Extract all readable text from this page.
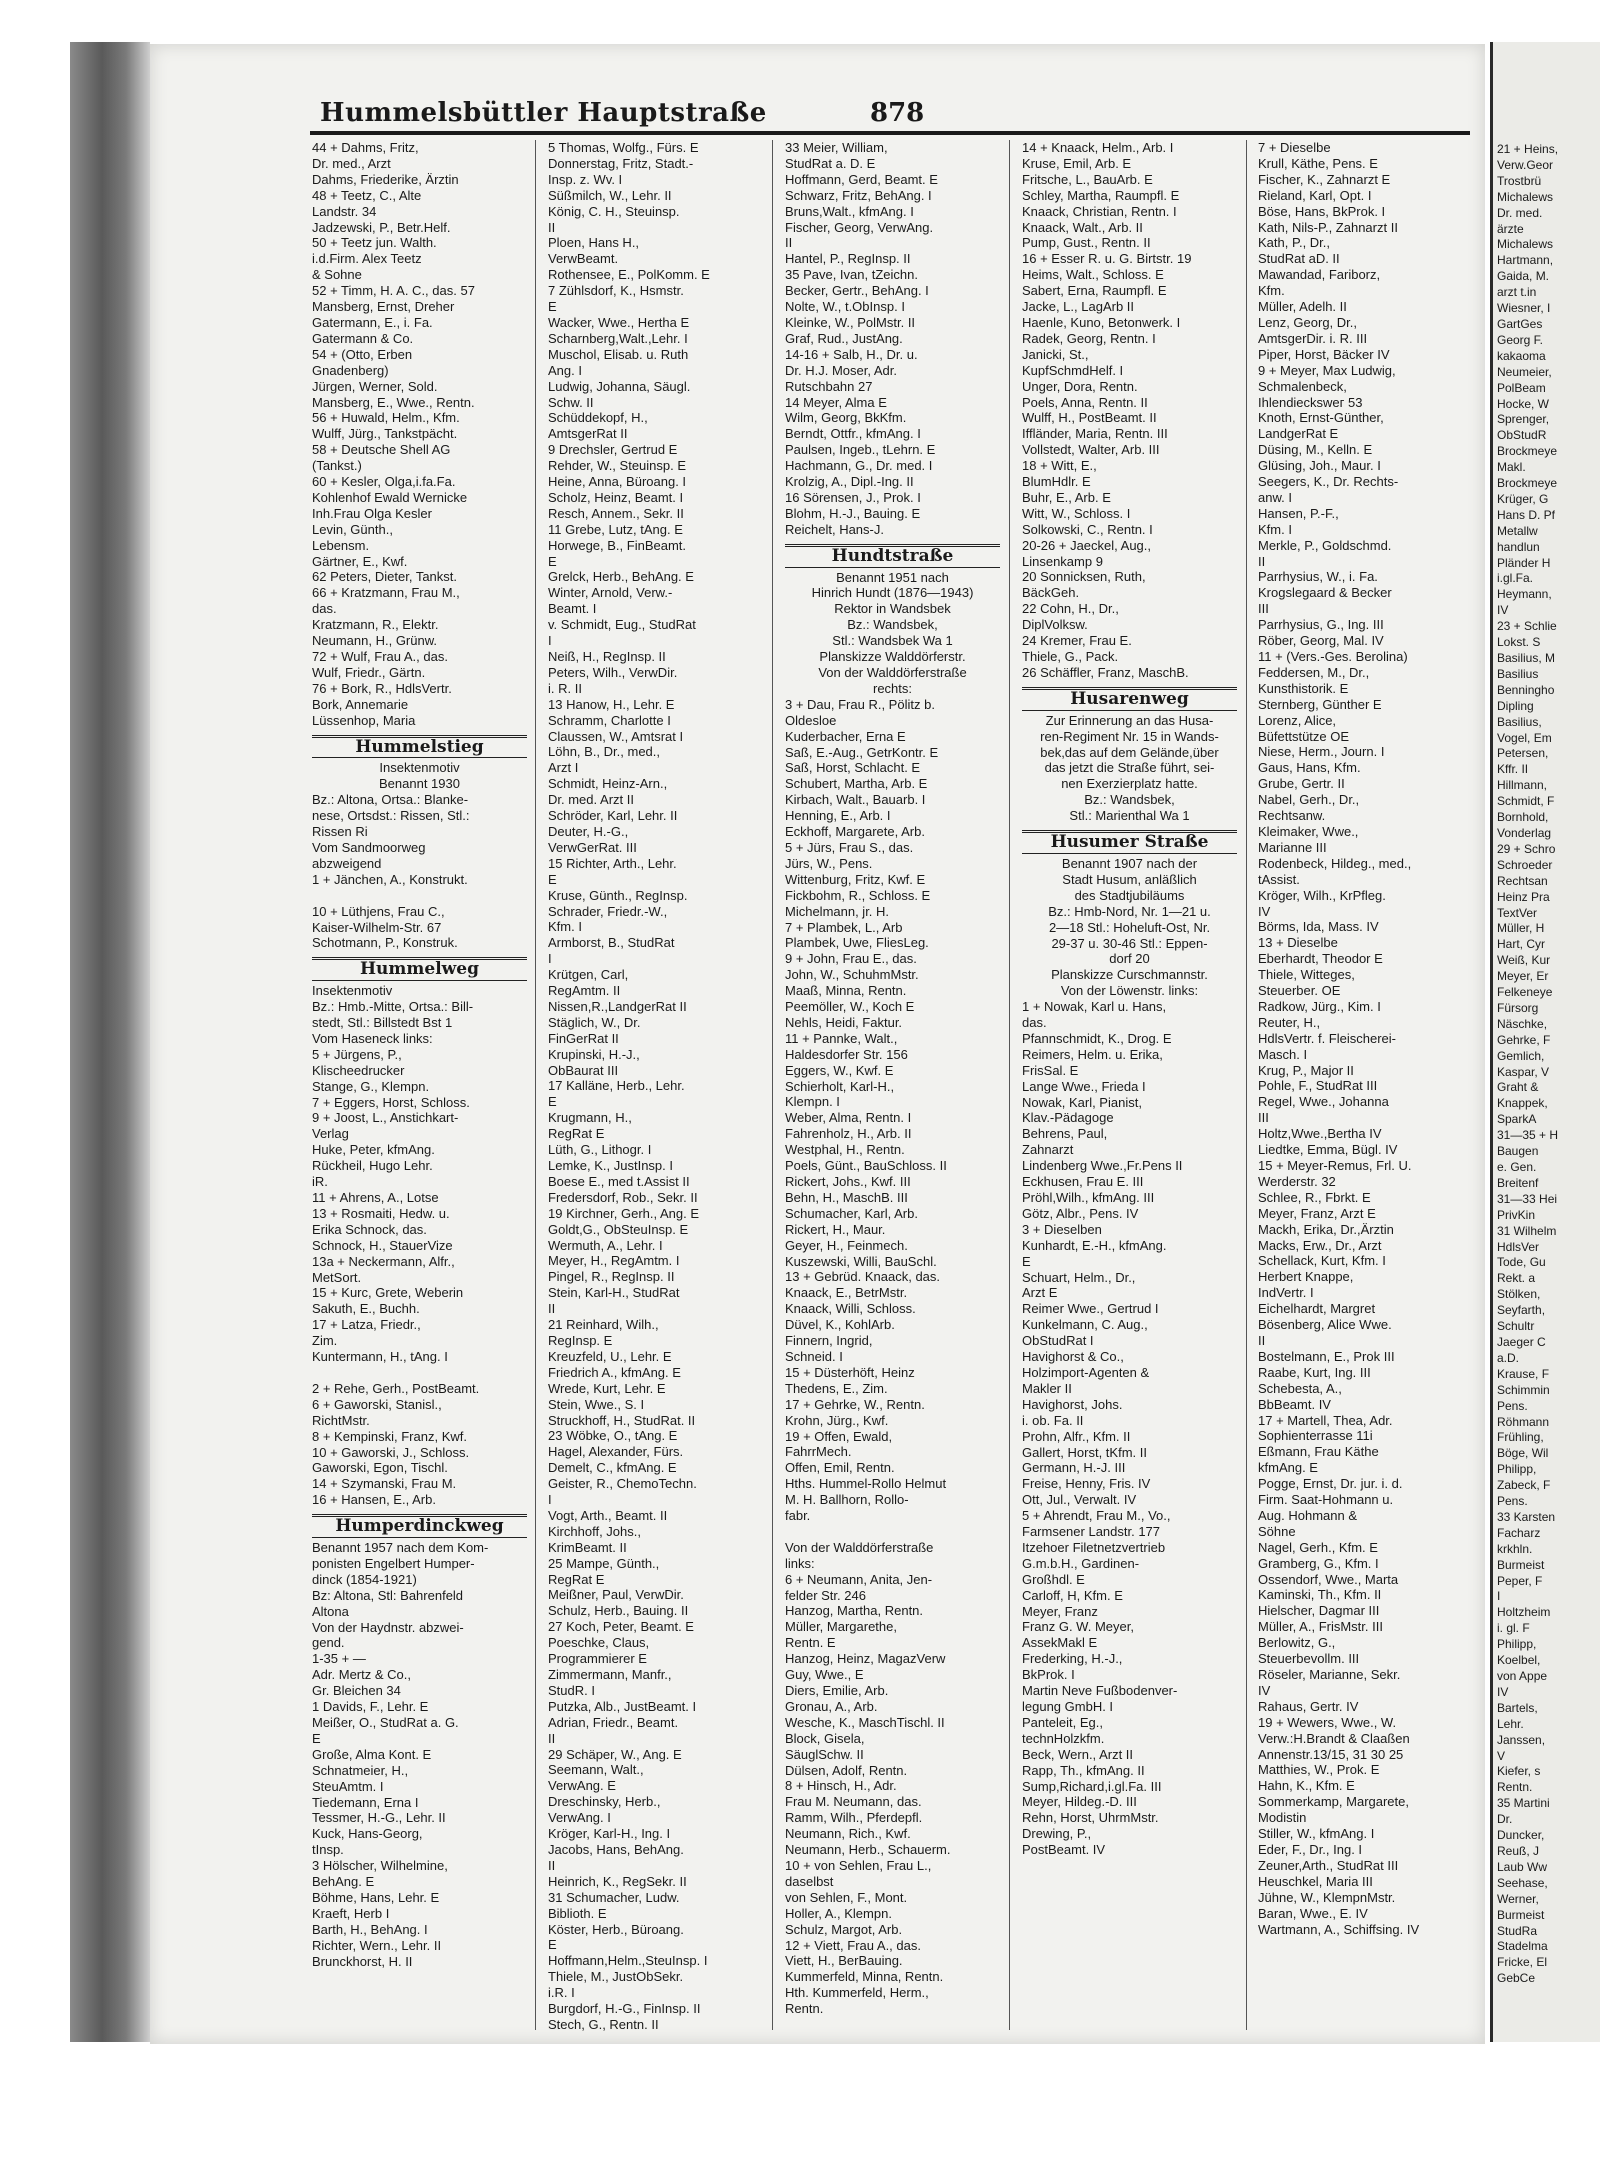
21 + Heins,
Verw.Geor
Trostbrü
Michalews
Dr. med.
ärzte
Michalews
Hartmann,
Gaida, M.
arzt t.in
Wiesner, I
GartGes
Georg F.
kakaoma
Neumeier,
PolBeam
Hocke, W
Sprenger,
ObStudR
Brockmeye
Makl.
Brockmeye
Krüger, G
Hans D. Pf
Metallw
handlun
Pländer H
i.gl.Fa.
Heymann,
IV
23 + Schlie
Lokst. S
Basilius, M
Basilius
Benningho
Dipling
Basilius,
Vogel, Em
Petersen,
Kffr. II
Hillmann,
Schmidt, F
Bornhold,
Vonderlag
29 + Schro
Schroeder
Rechtsan
Heinz Pra
TextVer
Müller, H
Hart, Cyr
Weiß, Kur
Meyer, Er
Felkeneye
Fürsorg
Näschke,
Gehrke, F
Gemlich,
Kaspar, V
Graht &
Knappek,
SparkA
31—35 + H
Baugen
e. Gen.
Breitenf
31—33 Hei
PrivKin
31 Wilhelm
HdlsVer
Tode, Gu
Rekt. a
Stölken,
Seyfarth,
Schultr
Jaeger C
a.D.
Krause, F
Schimmin
Pens.
Röhmann
Frühling,
Böge, Wil
Philipp,
Zabeck, F
Pens.
33 Karsten
Facharz
krkhln.
Burmeist
Peper, F
I
Holtzheim
i. gl. F
Philipp,
Koelbel,
von Appe
IV
Bartels,
Lehr.
Janssen,
V
Kiefer, s
Rentn.
35 Martini
Dr.
Duncker,
Reuß, J
Laub Ww
Seehase,
Werner,
Burmeist
StudRa
Stadelma
Fricke, El
GebCe
Hummelsbüttler Hauptstraße	878
44 + Dahms, Fritz,
Dr. med., Arzt
Dahms, Friederike, Ärztin
48 + Teetz, C., Alte
Landstr. 34
Jadzewski, P., Betr.Helf.
50 + Teetz jun. Walth.
i.d.Firm. Alex Teetz
& Sohne
52 + Timm, H. A. C., das. 57
Mansberg, Ernst, Dreher
Gatermann, E., i. Fa.
Gatermann & Co.
54 + (Otto, Erben
Gnadenberg)
Jürgen, Werner, Sold.
Mansberg, E., Wwe., Rentn.
56 + Huwald, Helm., Kfm.
Wulff, Jürg., Tankstpächt.
58 + Deutsche Shell AG
(Tankst.)
60 + Kesler, Olga,i.fa.Fa.
Kohlenhof Ewald Wernicke
Inh.Frau Olga Kesler
Levin, Günth.,
Lebensm.
Gärtner, E., Kwf.
62 Peters, Dieter, Tankst.
66 + Kratzmann, Frau M.,
das.
Kratzmann, R., Elektr.
Neumann, H., Grünw.
72 + Wulf, Frau A., das.
Wulf, Friedr., Gärtn.
76 + Bork, R., HdlsVertr.
Bork, Annemarie
Lüssenhop, Maria
Hummelstieg
Insektenmotiv
Benannt 1930
Bz.: Altona, Ortsa.: Blanke-
nese, Ortsdst.: Rissen, Stl.:
Rissen Ri
Vom Sandmoorweg
abzweigend
1 + Jänchen, A., Konstrukt.

10 + Lüthjens, Frau C.,
Kaiser-Wilhelm-Str. 67
Schotmann, P., Konstruk.
Hummelweg
Insektenmotiv
Bz.: Hmb.-Mitte, Ortsa.: Bill-
stedt, Stl.: Billstedt Bst 1
Vom Haseneck links:
5 + Jürgens, P.,
Klischeedrucker
Stange, G., Klempn.
7 + Eggers, Horst, Schloss.
9 + Joost, L., Anstichkart-
Verlag
Huke, Peter, kfmAng.
Rückheil, Hugo Lehr.
iR.
11 + Ahrens, A., Lotse
13 + Rosmaiti, Hedw. u.
Erika Schnock, das.
Schnock, H., StauerVize
13a + Neckermann, Alfr.,
MetSort.
15 + Kurc, Grete, Weberin
Sakuth, E., Buchh.
17 + Latza, Friedr.,
Zim.
Kuntermann, H., tAng. I

2 + Rehe, Gerh., PostBeamt.
6 + Gaworski, Stanisl.,
RichtMstr.
8 + Kempinski, Franz, Kwf.
10 + Gaworski, J., Schloss.
Gaworski, Egon, Tischl.
14 + Szymanski, Frau M.
16 + Hansen, E., Arb.
Humperdinckweg
Benannt 1957 nach dem Kom-
ponisten Engelbert Humper-
dinck (1854-1921)
Bz: Altona, Stl: Bahrenfeld
Altona
Von der Haydnstr. abzwei-
gend.
1-35 + —
Adr. Mertz & Co.,
Gr. Bleichen 34
1 Davids, F., Lehr. E
Meißer, O., StudRat a. G.
E
Große, Alma Kont. E
Schnatmeier, H.,
SteuAmtm. I
Tiedemann, Erna I
Tessmer, H.-G., Lehr. II
Kuck, Hans-Georg,
tInsp.
3 Hölscher, Wilhelmine,
BehAng. E
Böhme, Hans, Lehr. E
Kraeft, Herb I
Barth, H., BehAng. I
Richter, Wern., Lehr. II
Brunckhorst, H. II
5 Thomas, Wolfg., Fürs. E
Donnerstag, Fritz, Stadt.-
Insp. z. Wv. I
Süßmilch, W., Lehr. II
König, C. H., Steuinsp.
II
Ploen, Hans H.,
VerwBeamt.
Rothensee, E., PolKomm. E
7 Zühlsdorf, K., Hsmstr.
E
Wacker, Wwe., Hertha E
Scharnberg,Walt.,Lehr. I
Muschol, Elisab. u. Ruth
Ang. I
Ludwig, Johanna, Säugl.
Schw. II
Schüddekopf, H.,
AmtsgerRat II
9 Drechsler, Gertrud E
Rehder, W., Steuinsp. E
Heine, Anna, Büroang. I
Scholz, Heinz, Beamt. I
Resch, Annem., Sekr. II
11 Grebe, Lutz, tAng. E
Horwege, B., FinBeamt.
E
Grelck, Herb., BehAng. E
Winter, Arnold, Verw.-
Beamt. I
v. Schmidt, Eug., StudRat
I
Neiß, H., RegInsp. II
Peters, Wilh., VerwDir.
i. R. II
13 Hanow, H., Lehr. E
Schramm, Charlotte I
Claussen, W., Amtsrat I
Löhn, B., Dr., med.,
Arzt I
Schmidt, Heinz-Arn.,
Dr. med. Arzt II
Schröder, Karl, Lehr. II
Deuter, H.-G.,
VerwGerRat. III
15 Richter, Arth., Lehr.
E
Kruse, Günth., RegInsp.
Schrader, Friedr.-W.,
Kfm. I
Armborst, B., StudRat
I
Krütgen, Carl,
RegAmtm. II
Nissen,R.,LandgerRat II
Stäglich, W., Dr.
FinGerRat II
Krupinski, H.-J.,
ObBaurat III
17 Kalläne, Herb., Lehr.
E
Krugmann, H.,
RegRat E
Lüth, G., Lithogr. I
Lemke, K., JustInsp. I
Boese E., med t.Assist II
Fredersdorf, Rob., Sekr. II
19 Kirchner, Gerh., Ang. E
Goldt,G., ObSteuInsp. E
Wermuth, A., Lehr. I
Meyer, H., RegAmtm. I
Pingel, R., RegInsp. II
Stein, Karl-H., StudRat
II
21 Reinhard, Wilh.,
RegInsp. E
Kreuzfeld, U., Lehr. E
Friedrich A., kfmAng. E
Wrede, Kurt, Lehr. E
Stein, Wwe., S. I
Struckhoff, H., StudRat. II
23 Wöbke, O., tAng. E
Hagel, Alexander, Fürs.
Demelt, C., kfmAng. E
Geister, R., ChemoTechn.
I
Vogt, Arth., Beamt. II
Kirchhoff, Johs.,
KrimBeamt. II
25 Mampe, Günth.,
RegRat E
Meißner, Paul, VerwDir.
Schulz, Herb., Bauing. II
27 Koch, Peter, Beamt. E
Poeschke, Claus,
Programmierer E
Zimmermann, Manfr.,
StudR. I
Putzka, Alb., JustBeamt. I
Adrian, Friedr., Beamt.
II
29 Schäper, W., Ang. E
Seemann, Walt.,
VerwAng. E
Dreschinsky, Herb.,
VerwAng. I
Kröger, Karl-H., Ing. I
Jacobs, Hans, BehAng.
II
Heinrich, K., RegSekr. II
31 Schumacher, Ludw.
Biblioth. E
Köster, Herb., Büroang.
E
Hoffmann,Helm.,SteuInsp. I
Thiele, M., JustObSekr.
i.R. I
Burgdorf, H.-G., FinInsp. II
Stech, G., Rentn. II
33 Meier, William,
StudRat a. D. E
Hoffmann, Gerd, Beamt. E
Schwarz, Fritz, BehAng. I
Bruns,Walt., kfmAng. I
Fischer, Georg, VerwAng.
II
Hantel, P., RegInsp. II
35 Pave, Ivan, tZeichn.
Becker, Gertr., BehAng. I
Nolte, W., t.ObInsp. I
Kleinke, W., PolMstr. II
Graf, Rud., JustAng.
14-16 + Salb, H., Dr. u.
Dr. H.J. Moser, Adr.
Rutschbahn 27
14 Meyer, Alma E
Wilm, Georg, BkKfm.
Berndt, Ottfr., kfmAng. I
Paulsen, Ingeb., tLehrn. E
Hachmann, G., Dr. med. I
Krolzig, A., Dipl.-Ing. II
16 Sörensen, J., Prok. I
Blohm, H.-J., Bauing. E
Reichelt, Hans-J.
Hundtstraße
Benannt 1951 nach
Hinrich Hundt (1876—1943)
Rektor in Wandsbek
Bz.: Wandsbek,
Stl.: Wandsbek Wa 1
Planskizze Walddörferstr.
Von der Walddörferstraße
rechts:
3 + Dau, Frau R., Pölitz b.
Oldesloe
Kuderbacher, Erna E
Saß, E.-Aug., GetrKontr. E
Saß, Horst, Schlacht. E
Schubert, Martha, Arb. E
Kirbach, Walt., Bauarb. I
Henning, E., Arb. I
Eckhoff, Margarete, Arb.
5 + Jürs, Frau S., das.
Jürs, W., Pens.
Wittenburg, Fritz, Kwf. E
Fickbohm, R., Schloss. E
Michelmann, jr. H.
7 + Plambek, L., Arb
Plambek, Uwe, FliesLeg.
9 + John, Frau E., das.
John, W., SchuhmMstr.
Maaß, Minna, Rentn.
Peemöller, W., Koch E
Nehls, Heidi, Faktur.
11 + Pannke, Walt.,
Haldesdorfer Str. 156
Eggers, W., Kwf. E
Schierholt, Karl-H.,
Klempn. I
Weber, Alma, Rentn. I
Fahrenholz, H., Arb. II
Westphal, H., Rentn.
Poels, Günt., BauSchloss. II
Rickert, Johs., Kwf. III
Behn, H., MaschB. III
Schumacher, Karl, Arb.
Rickert, H., Maur.
Geyer, H., Feinmech.
Kuszewski, Willi, BauSchl.
13 + Gebrüd. Knaack, das.
Knaack, E., BetrMstr.
Knaack, Willi, Schloss.
Düvel, K., KohlArb.
Finnern, Ingrid,
Schneid. I
15 + Düsterhöft, Heinz
Thedens, E., Zim.
17 + Gehrke, W., Rentn.
Krohn, Jürg., Kwf.
19 + Offen, Ewald,
FahrrMech.
Offen, Emil, Rentn.
Hths. Hummel-Rollo Helmut
M. H. Ballhorn, Rollo-
fabr.

Von der Walddörferstraße
links:
6 + Neumann, Anita, Jen-
felder Str. 246
Hanzog, Martha, Rentn.
Müller, Margarethe,
Rentn. E
Hanzog, Heinz, MagazVerw
Guy, Wwe., E
Diers, Emilie, Arb.
Gronau, A., Arb.
Wesche, K., MaschTischl. II
Block, Gisela,
SäuglSchw. II
Dülsen, Adolf, Rentn.
8 + Hinsch, H., Adr.
Frau M. Neumann, das.
Ramm, Wilh., Pferdepfl.
Neumann, Rich., Kwf.
Neumann, Herb., Schauerm.
10 + von Sehlen, Frau L.,
daselbst
von Sehlen, F., Mont.
Holler, A., Klempn.
Schulz, Margot, Arb.
12 + Viett, Frau A., das.
Viett, H., BerBauing.
Kummerfeld, Minna, Rentn.
Hth. Kummerfeld, Herm.,
Rentn.
14 + Knaack, Helm., Arb. I
Kruse, Emil, Arb. E
Fritsche, L., BauArb. E
Schley, Martha, Raumpfl. E
Knaack, Christian, Rentn. I
Knaack, Walt., Arb. II
Pump, Gust., Rentn. II
16 + Esser R. u. G. Birtstr. 19
Heims, Walt., Schloss. E
Sabert, Erna, Raumpfl. E
Jacke, L., LagArb II
Haenle, Kuno, Betonwerk. I
Radek, Georg, Rentn. I
Janicki, St.,
KupfSchmdHelf. I
Unger, Dora, Rentn.
Poels, Anna, Rentn. II
Wulff, H., PostBeamt. II
Iffländer, Maria, Rentn. III
Vollstedt, Walter, Arb. III
18 + Witt, E.,
BlumHdlr. E
Buhr, E., Arb. E
Witt, W., Schloss. I
Solkowski, C., Rentn. I
20-26 + Jaeckel, Aug.,
Linsenkamp 9
20 Sonnicksen, Ruth,
BäckGeh.
22 Cohn, H., Dr.,
DiplVolksw.
24 Kremer, Frau E.
Thiele, G., Pack.
26 Schäffler, Franz, MaschB.
Husarenweg
Zur Erinnerung an das Husa-
ren-Regiment Nr. 15 in Wands-
bek,das auf dem Gelände,über
das jetzt die Straße führt, sei-
nen Exerzierplatz hatte.
Bz.: Wandsbek,
Stl.: Marienthal Wa 1
Husumer Straße
Benannt 1907 nach der
Stadt Husum, anläßlich
des Stadtjubiläums
Bz.: Hmb-Nord, Nr. 1—21 u.
2—18 Stl.: Hoheluft-Ost, Nr.
29-37 u. 30-46 Stl.: Eppen-
dorf 20
Planskizze Curschmannstr.
Von der Löwenstr. links:
1 + Nowak, Karl u. Hans,
das.
Pfannschmidt, K., Drog. E
Reimers, Helm. u. Erika,
FrisSal. E
Lange Wwe., Frieda I
Nowak, Karl, Pianist,
Klav.-Pädagoge
Behrens, Paul,
Zahnarzt
Lindenberg Wwe.,Fr.Pens II
Eckhusen, Frau E. III
Pröhl,Wilh., kfmAng. III
Götz, Albr., Pens. IV
3 + Dieselben
Kunhardt, E.-H., kfmAng.
E
Schuart, Helm., Dr.,
Arzt E
Reimer Wwe., Gertrud I
Kunkelmann, C. Aug.,
ObStudRat I
Havighorst & Co.,
Holzimport-Agenten &
Makler II
Havighorst, Johs.
i. ob. Fa. II
Prohn, Alfr., Kfm. II
Gallert, Horst, tKfm. II
Germann, H.-J. III
Freise, Henny, Fris. IV
Ott, Jul., Verwalt. IV
5 + Ahrendt, Frau M., Vo.,
Farmsener Landstr. 177
Itzehoer Filetnetzvertrieb
G.m.b.H., Gardinen-
Großhdl. E
Carloff, H, Kfm. E
Meyer, Franz
Franz G. W. Meyer,
AssekMakl E
Frederking, H.-J.,
BkProk. I
Martin Neve Fußbodenver-
legung GmbH. I
Panteleit, Eg.,
technHolzkfm.
Beck, Wern., Arzt II
Rapp, Th., kfmAng. II
Sump,Richard,i.gl.Fa. III
Meyer, Hildeg.-D. III
Rehn, Horst, UhrmMstr.
Drewing, P.,
PostBeamt. IV
7 + Dieselbe
Krull, Käthe, Pens. E
Fischer, K., Zahnarzt E
Rieland, Karl, Opt. I
Böse, Hans, BkProk. I
Kath, Nils-P., Zahnarzt II
Kath, P., Dr.,
StudRat aD. II
Mawandad, Fariborz,
Kfm.
Müller, Adelh. II
Lenz, Georg, Dr.,
AmtsgerDir. i. R. III
Piper, Horst, Bäcker IV
9 + Meyer, Max Ludwig,
Schmalenbeck,
Ihlendieckswег 53
Knoth, Ernst-Günther,
LandgerRat E
Düsing, M., Kelln. E
Glüsing, Joh., Maur. I
Seegers, K., Dr. Rechts-
anw. I
Hansen, P.-F.,
Kfm. I
Merkle, P., Goldschmd.
II
Parrhysius, W., i. Fa.
Krogslegaard & Becker
III
Parrhysius, G., Ing. III
Röber, Georg, Mal. IV
11 + (Vers.-Ges. Berolina)
Feddersen, M., Dr.,
Kunsthistorik. E
Sternberg, Günther E
Lorenz, Alice,
Büfettstütze OE
Niese, Herm., Journ. I
Gaus, Hans, Kfm.
Grube, Gertr. II
Nabel, Gerh., Dr.,
Rechtsanw.
Kleimaker, Wwe.,
Marianne III
Rodenbeck, Hildeg., med.,
tAssist.
Kröger, Wilh., KrPfleg.
IV
Börms, Ida, Mass. IV
13 + Dieselbe
Eberhardt, Theodor E
Thiele, Witteges,
Steuerber. OE
Radkow, Jürg., Kim. I
Reuter, H.,
HdlsVertr. f. Fleischerei-
Masch. I
Krug, P., Major II
Pohle, F., StudRat III
Regel, Wwe., Johanna
III
Holtz,Wwe.,Bertha IV
Liedtke, Emma, Bügl. IV
15 + Meyer-Remus, Frl. U.
Werderstr. 32
Schlee, R., Fbrkt. E
Meyer, Franz, Arzt E
Mackh, Erika, Dr.,Ärztin
Macks, Erw., Dr., Arzt
Schellack, Kurt, Kfm. I
Herbert Knappe,
IndVertr. I
Eichelhardt, Margret
Bösenberg, Alice Wwe.
II
Bostelmann, E., Prok III
Raabe, Kurt, Ing. III
Schebesta, A.,
BbBeamt. IV
17 + Martell, Thea, Adr.
Sophienterrasse 11i
Eßmann, Frau Käthe
kfmAng. E
Pogge, Ernst, Dr. jur. i. d.
Firm. Saat-Hohmann u.
Aug. Hohmann &
Söhne
Nagel, Gerh., Kfm. E
Gramberg, G., Kfm. I
Ossendorf, Wwe., Marta
Kaminski, Th., Kfm. II
Hielscher, Dagmar III
Müller, A., FrisMstr. III
Berlowitz, G.,
Steuerbevollm. III
Röseler, Marianne, Sekr.
IV
Rahaus, Gertr. IV
19 + Wewers, Wwe., W.
Verw.:H.Brandt & Claaßen
Annenstr.13/15, 31 30 25
Matthies, W., Prok. E
Hahn, K., Kfm. E
Sommerkamp, Margarete,
Modistin
Stiller, W., kfmAng. I
Eder, F., Dr., Ing. I
Zeuner,Arth., StudRat III
Heuschkel, Maria III
Jühne, W., KlempnMstr.
Baran, Wwe., E. IV
Wartmann, A., Schiffsing. IV
